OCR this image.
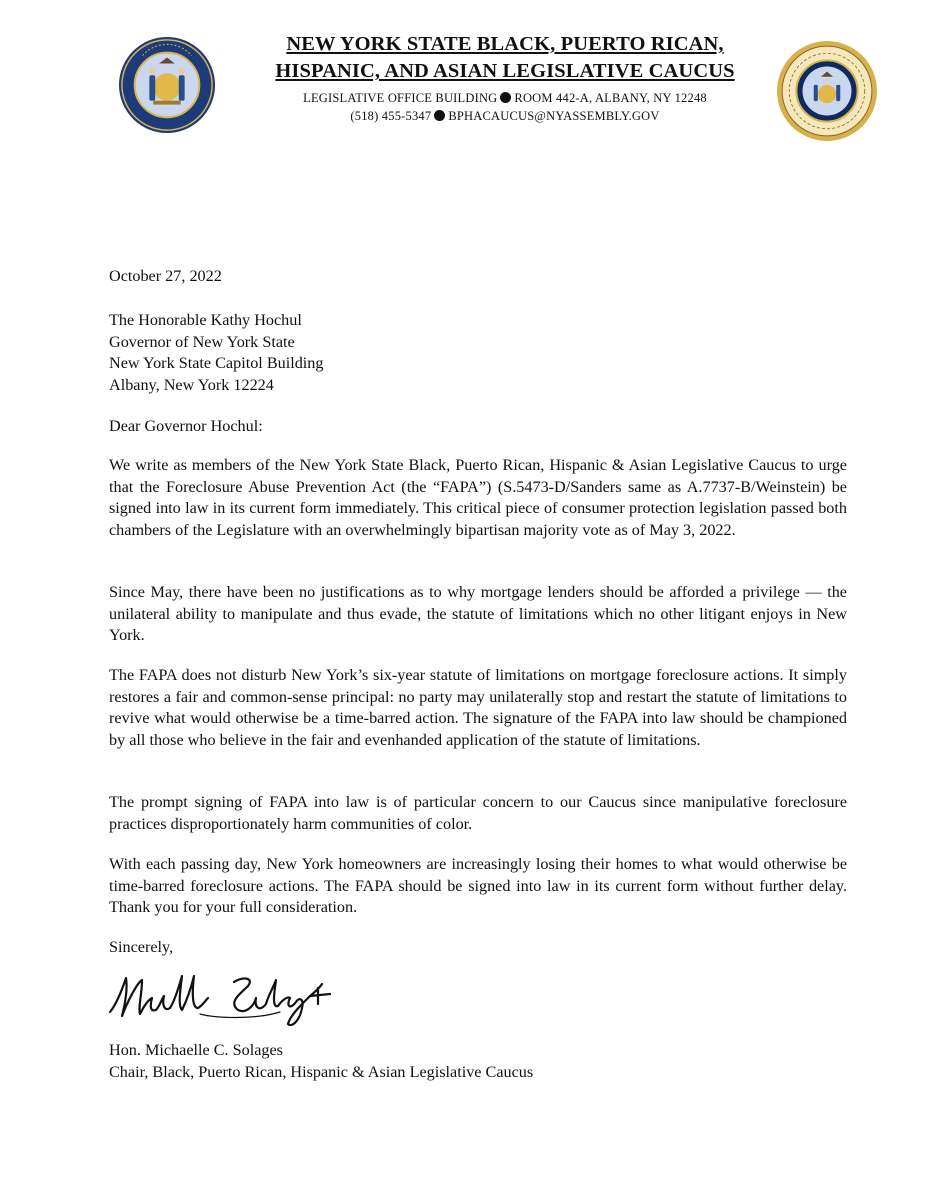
NEW YORK STATE BLACK, PUERTO RICAN,

HISPANIC, AND ASIAN LEGISLATIVE CAUCUS

LEGISLATIVE OFFICE BUILDING ROOM 442-A, ALBANY, NY 12248
(518) 455-5347 BPHACAUCUS@NYASSEMBLY.GOV
October 27, 2022
The Honorable Kathy Hochul
Governor of New York State
New York State Capitol Building
Albany, New York 12224
Dear Governor Hochul:
We write as members of the New York State Black, Puerto Rican, Hispanic & Asian Legislative Caucus to urge that the Foreclosure Abuse Prevention Act (the “FAPA”) (S.5473-D/Sanders same as A.7737-B/Weinstein) be signed into law in its current form immediately. This critical piece of consumer protection legislation passed both chambers of the Legislature with an overwhelmingly bipartisan majority vote as of May 3, 2022.
Since May, there have been no justifications as to why mortgage lenders should be afforded a privilege — the unilateral ability to manipulate and thus evade, the statute of limitations which no other litigant enjoys in New York.
The FAPA does not disturb New York’s six-year statute of limitations on mortgage foreclosure actions. It simply restores a fair and common-sense principal: no party may unilaterally stop and restart the statute of limitations to revive what would otherwise be a time-barred action. The signature of the FAPA into law should be championed by all those who believe in the fair and evenhanded application of the statute of limitations.
The prompt signing of FAPA into law is of particular concern to our Caucus since manipulative foreclosure practices disproportionately harm communities of color.
With each passing day, New York homeowners are increasingly losing their homes to what would otherwise be time-barred foreclosure actions. The FAPA should be signed into law in its current form without further delay. Thank you for your full consideration.
Sincerely,
Hon. Michaelle C. Solages
Chair, Black, Puerto Rican, Hispanic & Asian Legislative Caucus
